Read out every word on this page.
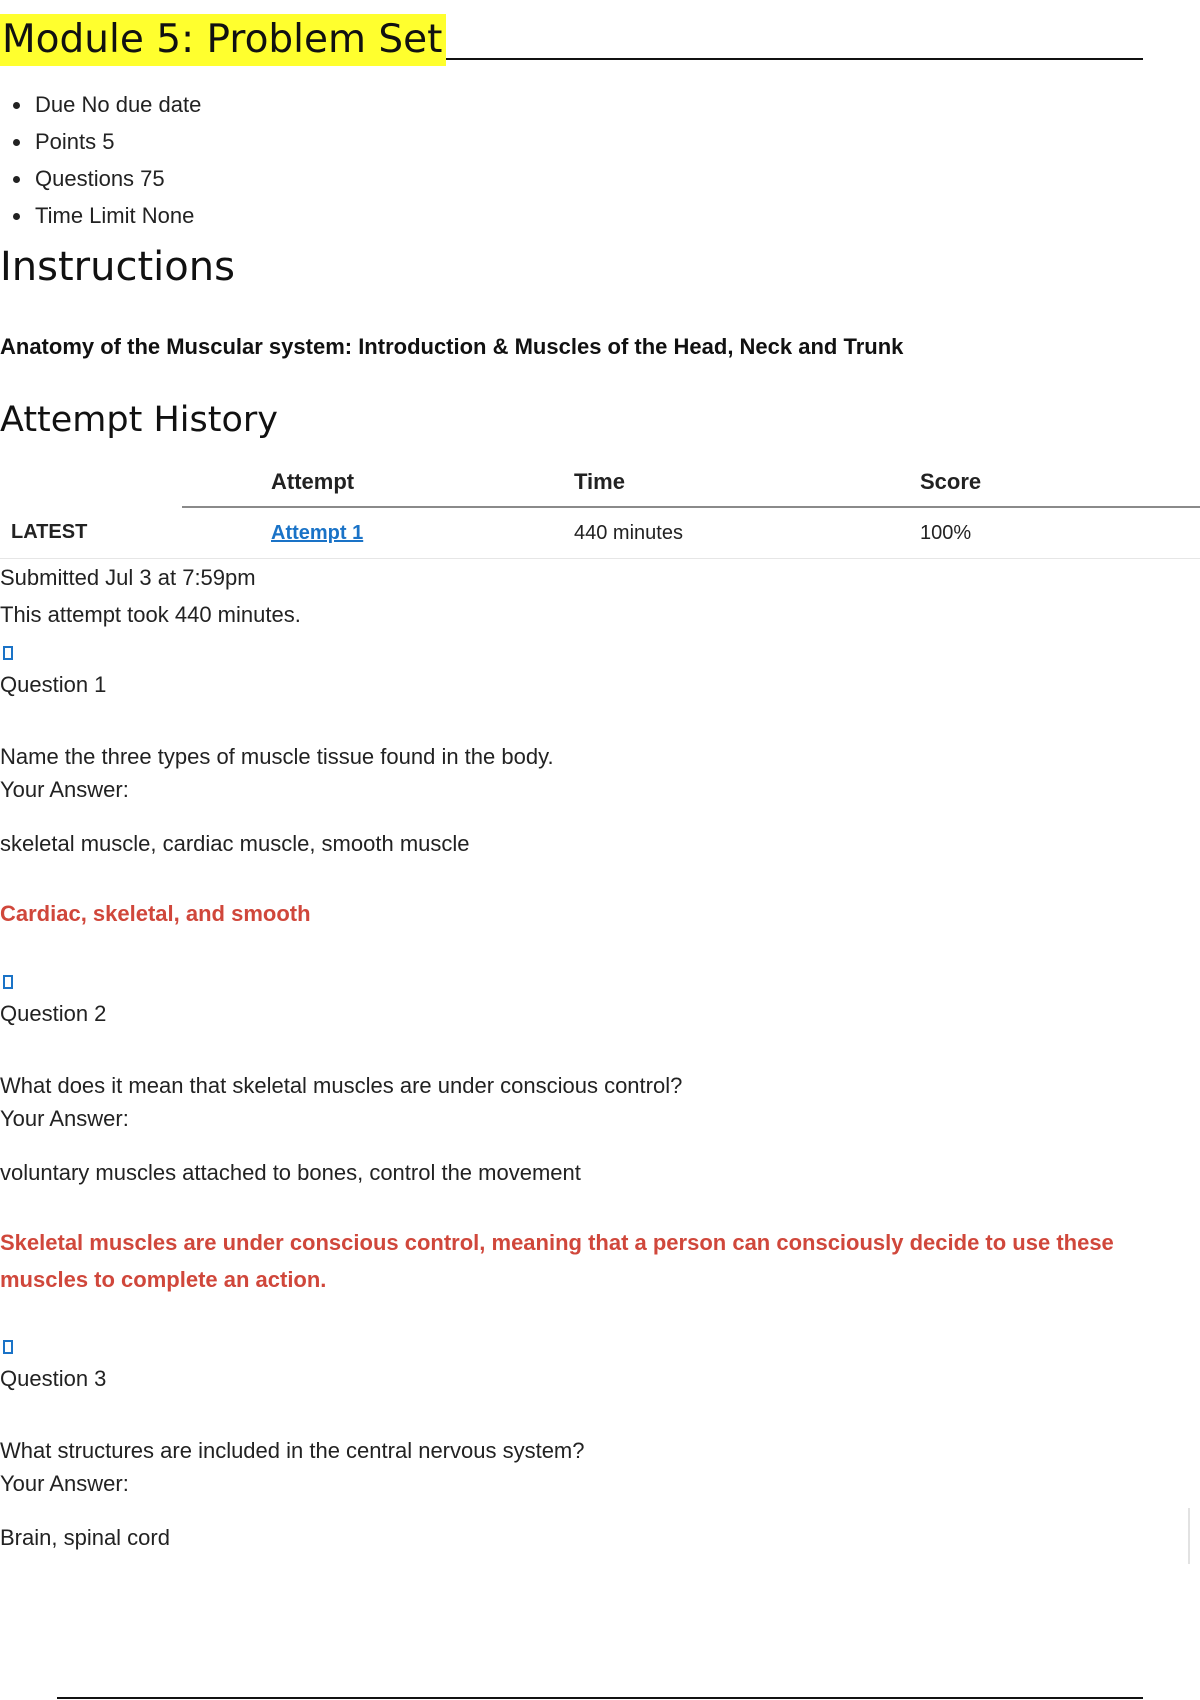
Module 5: Problem Set
Due No due date
Points 5
Questions 75
Time Limit None
Instructions
Anatomy of the Muscular system: Introduction & Muscles of the Head, Neck and Trunk
Attempt History
	Attempt	Time	Score
LATEST	Attempt 1	440 minutes	100%
Submitted Jul 3 at 7:59pm
This attempt took 440 minutes.
Question 1
Name the three types of muscle tissue found in the body.
Your Answer:
skeletal muscle, cardiac muscle, smooth muscle
Cardiac, skeletal, and smooth
Question 2
What does it mean that skeletal muscles are under conscious control?
Your Answer:
voluntary muscles attached to bones, control the movement
Skeletal muscles are under conscious control, meaning that a person can consciously decide to use these
muscles to complete an action.
Question 3
What structures are included in the central nervous system?
Your Answer:
Brain, spinal cord
